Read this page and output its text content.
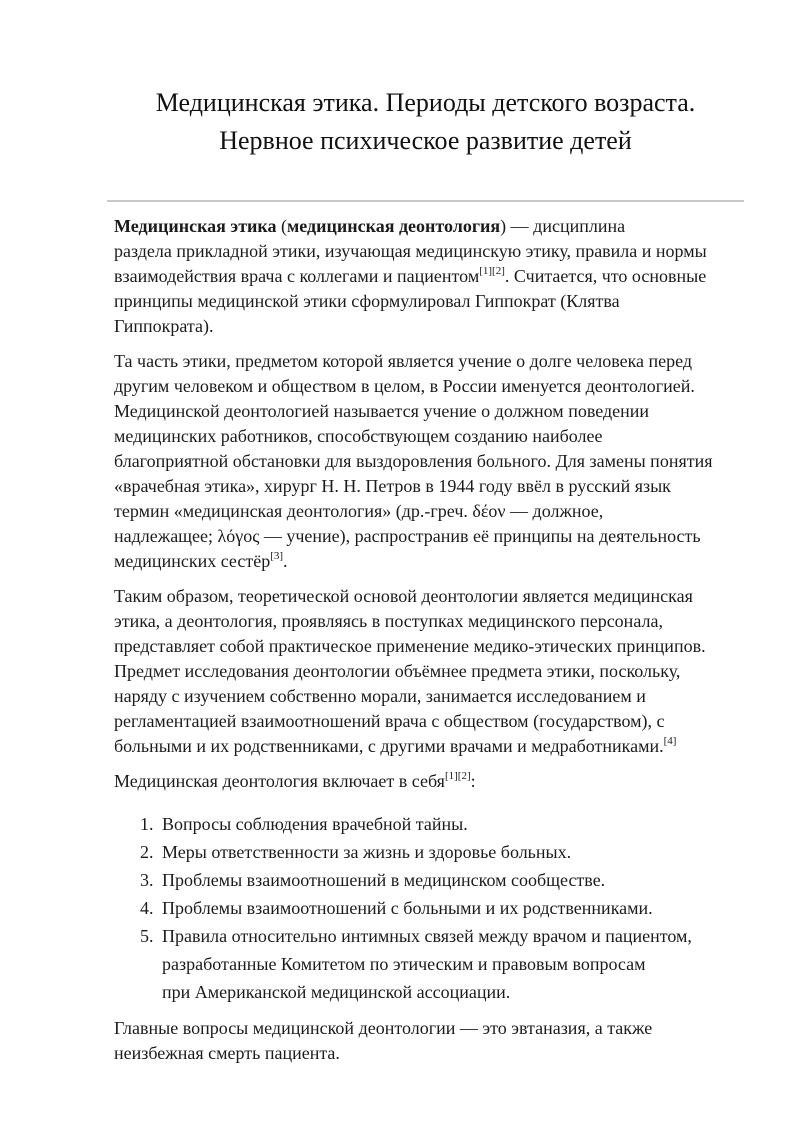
Медицинская этика. Периоды детского возраста.
Нервное психическое развитие детей

Медицинская этика (медицинская деонтология) — дисциплина
раздела прикладной этики, изучающая медицинскую этику, правила и нормы
взаимодействия врача с коллегами и пациентом[1][2]. Считается, что основные
принципы медицинской этики сформулировал Гиппократ (Клятва
Гиппократа).

Та часть этики, предметом которой является учение о долге человека перед
другим человеком и обществом в целом, в России именуется деонтологией.
Медицинской деонтологией называется учение о должном поведении
медицинских работников, способствующем созданию наиболее
благоприятной обстановки для выздоровления больного. Для замены понятия
«врачебная этика», хирург Н. Н. Петров в 1944 году ввёл в русский язык
термин «медицинская деонтология» (др.-греч. δέον — должное,
надлежащее; λόγος — учение), распространив её принципы на деятельность
медицинских сестёр[3].

Таким образом, теоретической основой деонтологии является медицинская
этика, а деонтология, проявляясь в поступках медицинского персонала,
представляет собой практическое применение медико-этических принципов.
Предмет исследования деонтологии объёмнее предмета этики, поскольку,
наряду с изучением собственно морали, занимается исследованием и
регламентацией взаимоотношений врача с обществом (государством), с
больными и их родственниками, с другими врачами и медработниками.[4]

Медицинская деонтология включает в себя[1][2]:

1. Вопросы соблюдения врачебной тайны.
2. Меры ответственности за жизнь и здоровье больных.
3. Проблемы взаимоотношений в медицинском сообществе.
4. Проблемы взаимоотношений с больными и их родственниками.
5. Правила относительно интимных связей между врачом и пациентом,
разработанные Комитетом по этическим и правовым вопросам
при Американской медицинской ассоциации.

Главные вопросы медицинской деонтологии — это эвтаназия, а также
неизбежная смерть пациента.
